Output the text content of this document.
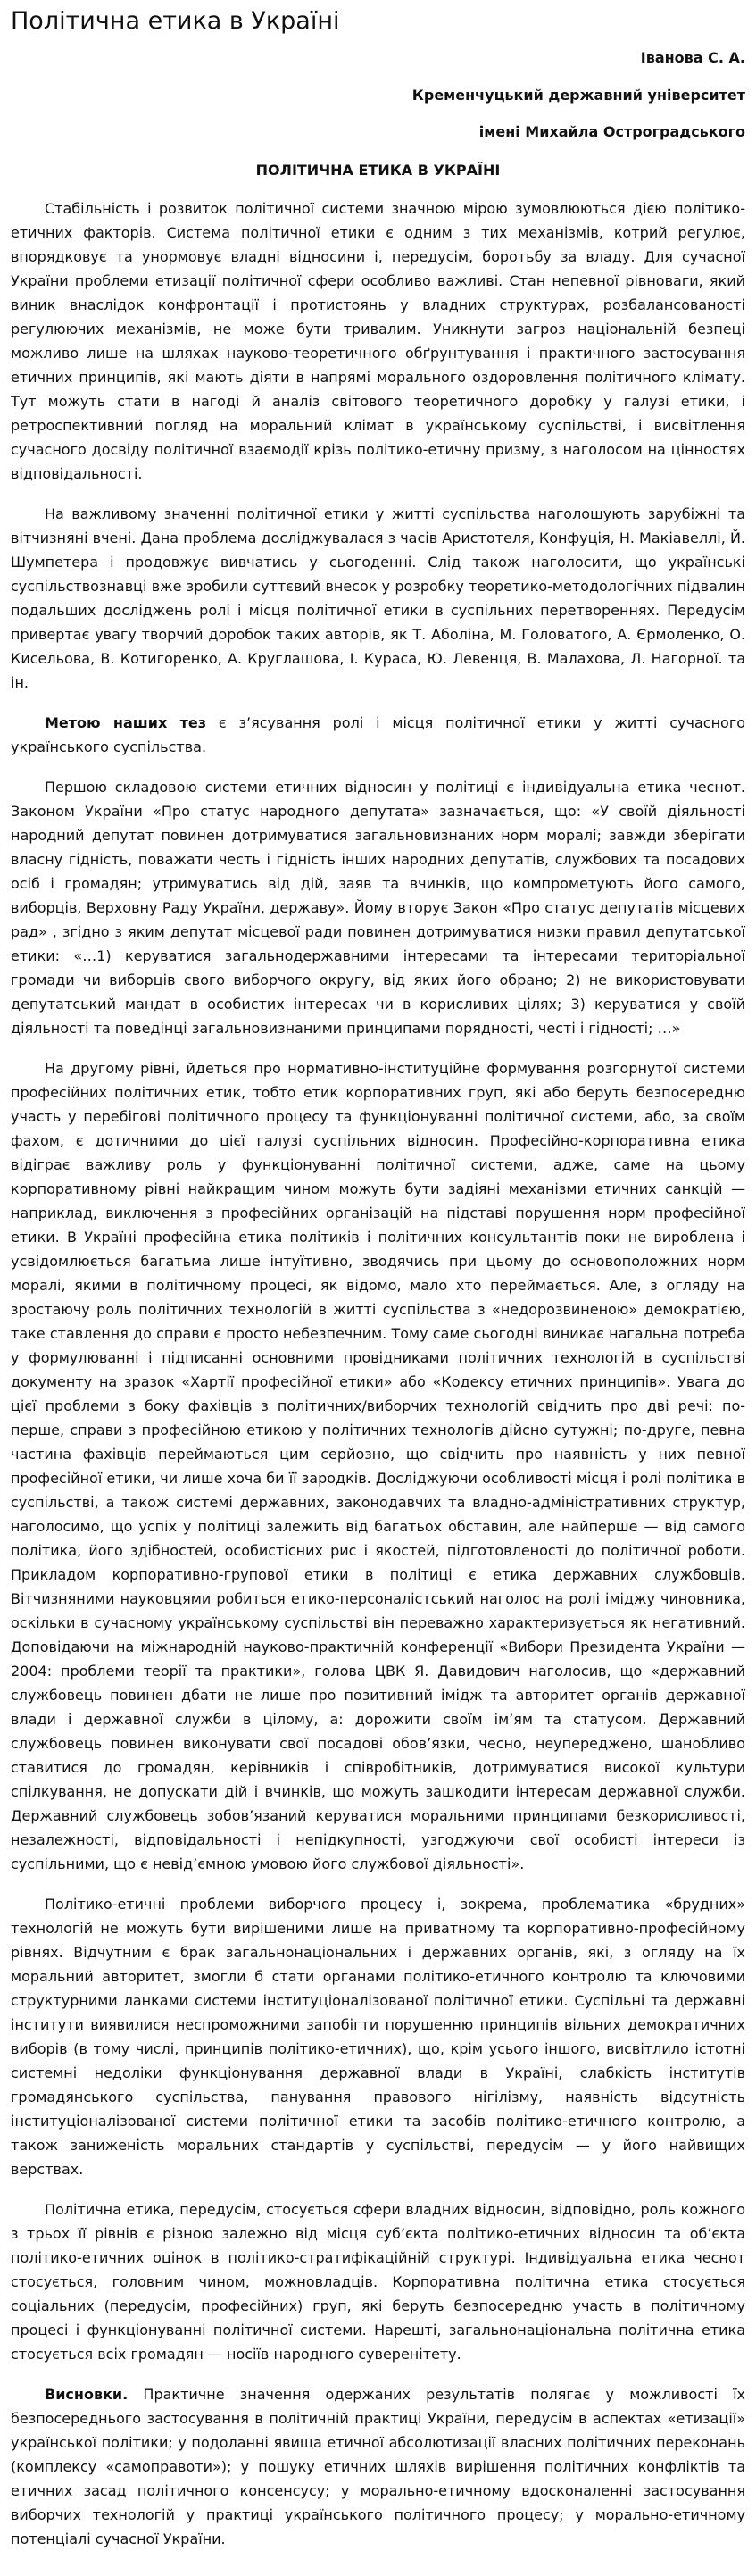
Політична етика в Україні
Іванова С. А.
Кременчуцький державний університет
імені Михайла Остроградського
ПОЛІТИЧНА ЕТИКА В УКРАЇНІ

Стабільність і розвиток політичної системи значною мірою зумовлюються дією політико-етичних факторів. Система політичної етики є одним з тих механізмів, котрий регулює, впорядковує та унормовує владні відносини і, передусім, боротьбу за владу. Для сучасної України проблеми етизації політичної сфери особливо важливі. Стан непевної рівноваги, який виник внаслідок конфронтації і протистоянь у владних структурах, розбалансованості регулюючих механізмів, не може бути тривалим. Уникнути загроз національній безпеці можливо лише на шляхах науково-теоретичного обґрунтування і практичного застосування етичних принципів, які мають діяти в напрямі морального оздоровлення політичного клімату. Тут можуть стати в нагоді й аналіз світового теоретичного доробку у галузі етики, і ретроспективний погляд на моральний клімат в українському суспільстві, і висвітлення сучасного досвіду політичної взаємодії крізь політико-етичну призму, з наголосом на цінностях відповідальності.

На важливому значенні політичної етики у житті суспільства наголошують зарубіжні та вітчизняні вчені. Дана проблема досліджувалася з часів Аристотеля, Конфуція, Н. Макіавеллі, Й. Шумпетера і продовжує вивчатись у сьогоденні. Слід також наголосити, що українські суспільствознавці вже зробили суттєвий внесок у розробку теоретико-методологічних підвалин подальших досліджень ролі і місця політичної етики в суспільних перетвореннях. Передусім привертає увагу творчий доробок таких авторів, як Т. Аболіна, М. Головатого, А. Єрмоленко, О. Кисельова, В. Котигоренко, А. Круглашова, І. Кураса, Ю. Левенця, В. Малахова, Л. Нагорної. та ін.

Метою наших тез є з’ясування ролі і місця політичної етики у житті сучасного українського суспільства.

Першою складовою системи етичних відносин у політиці є індивідуальна етика чеснот. Законом України «Про статус народного депутата» зазначається, що: «У своїй діяльності народний депутат повинен дотримуватися загальновизнаних норм моралі; завжди зберігати власну гідність, поважати честь і гідність інших народних депутатів, службових та посадових осіб і громадян; утримуватись від дій, заяв та вчинків, що компрометують його самого, виборців, Верховну Раду України, державу». Йому вторує Закон «Про статус депутатів місцевих рад» , згідно з яким депутат місцевої ради повинен дотримуватися низки правил депутатської етики: «…1) керуватися загальнодержавними інтересами та інтересами територіальної громади чи виборців свого виборчого округу, від яких його обрано; 2) не використовувати депутатський мандат в особистих інтересах чи в корисливих цілях; 3) керуватися у своїй діяльності та поведінці загальновизнаними принципами порядності, честі і гідності; …»

На другому рівні, йдеться про нормативно-інституційне формування розгорнутої системи професійних політичних етик, тобто етик корпоративних груп, які або беруть безпосередню участь у перебігові політичного процесу та функціонуванні політичної системи, або, за своїм фахом, є дотичними до цієї галузі суспільних відносин. Професійно-корпоративна етика відіграє важливу роль у функціонуванні політичної системи, адже, саме на цьому корпоративному рівні найкращим чином можуть бути задіяні механізми етичних санкцій — наприклад, виключення з професійних організацій на підставі порушення норм професійної етики. В Україні професійна етика політиків і політичних консультантів поки не вироблена і усвідомлюється багатьма лише інтуїтивно, зводячись при цьому до основоположних норм моралі, якими в політичному процесі, як відомо, мало хто переймається. Але, з огляду на зростаючу роль політичних технологій в житті суспільства з «недорозвиненою» демократією, таке ставлення до справи є просто небезпечним. Тому саме сьогодні виникає нагальна потреба у формулюванні і підписанні основними провідниками політичних технологій в суспільстві документу на зразок «Хартії професійної етики» або «Кодексу етичних принципів». Увага до цієї проблеми з боку фахівців з політичних/виборчих технологій свідчить про дві речі: по-перше, справи з професійною етикою у політичних технологів дійсно сутужні; по-друге, певна частина фахівців переймаються цим серйозно, що свідчить про наявність у них певної професійної етики, чи лише хоча би її зародків. Досліджуючи особливості місця і ролі політика в суспільстві, а також системі державних, законодавчих та владно-адміністративних структур, наголосимо, що успіх у політиці залежить від багатьох обставин, але найперше — від самого політика, його здібностей, особистісних рис і якостей, підготовленості до політичної роботи. Прикладом корпоративно-групової етики в політиці є етика державних службовців. Вітчизняними науковцями робиться етико-персоналістський наголос на ролі іміджу чиновника, оскільки в сучасному українському суспільстві він переважно характеризується як негативний. Доповідаючи на міжнародній науково-практичній конференції «Вибори Президента України — 2004: проблеми теорії та практики», голова ЦВК Я. Давидович наголосив, що «державний службовець повинен дбати не лише про позитивний імідж та авторитет органів державної влади і державної служби в цілому, а: дорожити своїм ім’ям та статусом. Державний службовець повинен виконувати свої посадові обов’язки, чесно, неупереджено, шанобливо ставитися до громадян, керівників і співробітників, дотримуватися високої культури спілкування, не допускати дій і вчинків, що можуть зашкодити інтересам державної служби. Державний службовець зобов’язаний керуватися моральними принципами безкорисливості, незалежності, відповідальності і непідкупності, узгоджуючи свої особисті інтереси із суспільними, що є невід’ємною умовою його службової діяльності».

Політико-етичні проблеми виборчого процесу і, зокрема, проблематика «брудних» технологій не можуть бути вирішеними лише на приватному та корпоративно-професійному рівнях. Відчутним є брак загальнонаціональних і державних органів, які, з огляду на їх моральний авторитет, змогли б стати органами політико-етичного контролю та ключовими структурними ланками системи інституціоналізованої політичної етики. Суспільні та державні інститути виявилися неспроможними запобігти порушенню принципів вільних демократичних виборів (в тому числі, принципів політико-етичних), що, крім усього іншого, висвітлило істотні системні недоліки функціонування державної влади в Україні, слабкість інститутів громадянського суспільства, панування правового нігілізму, наявність відсутність інституціоналізованої системи політичної етики та засобів політико-етичного контролю, а також заниженість моральних стандартів у суспільстві, передусім — у його найвищих верствах.

Політична етика, передусім, стосується сфери владних відносин, відповідно, роль кожного з трьох її рівнів є різною залежно від місця суб’єкта політико-етичних відносин та об’єкта політико-етичних оцінок в політико-стратифікаційній структурі. Індивідуальна етика чеснот стосується, головним чином, можновладців. Корпоративна політична етика стосується соціальних (передусім, професійних) груп, які беруть безпосередню участь в політичному процесі і функціонуванні політичної системи. Нарешті, загальнонаціональна політична етика стосується всіх громадян — носіїв народного суверенітету.

Висновки. Практичне значення одержаних результатів полягає у можливості їх безпосереднього застосування в політичній практиці України, передусім в аспектах «етизації» української політики; у подоланні явища етичної абсолютизації власних політичних переконань (комплексу «самоправоти»); у пошуку етичних шляхів вирішення політичних конфліктів та етичних засад політичного консенсусу; у морально-етичному вдосконаленні застосування виборчих технологій у практиці українського політичного процесу; у морально-етичному потенціалі сучасної України.
